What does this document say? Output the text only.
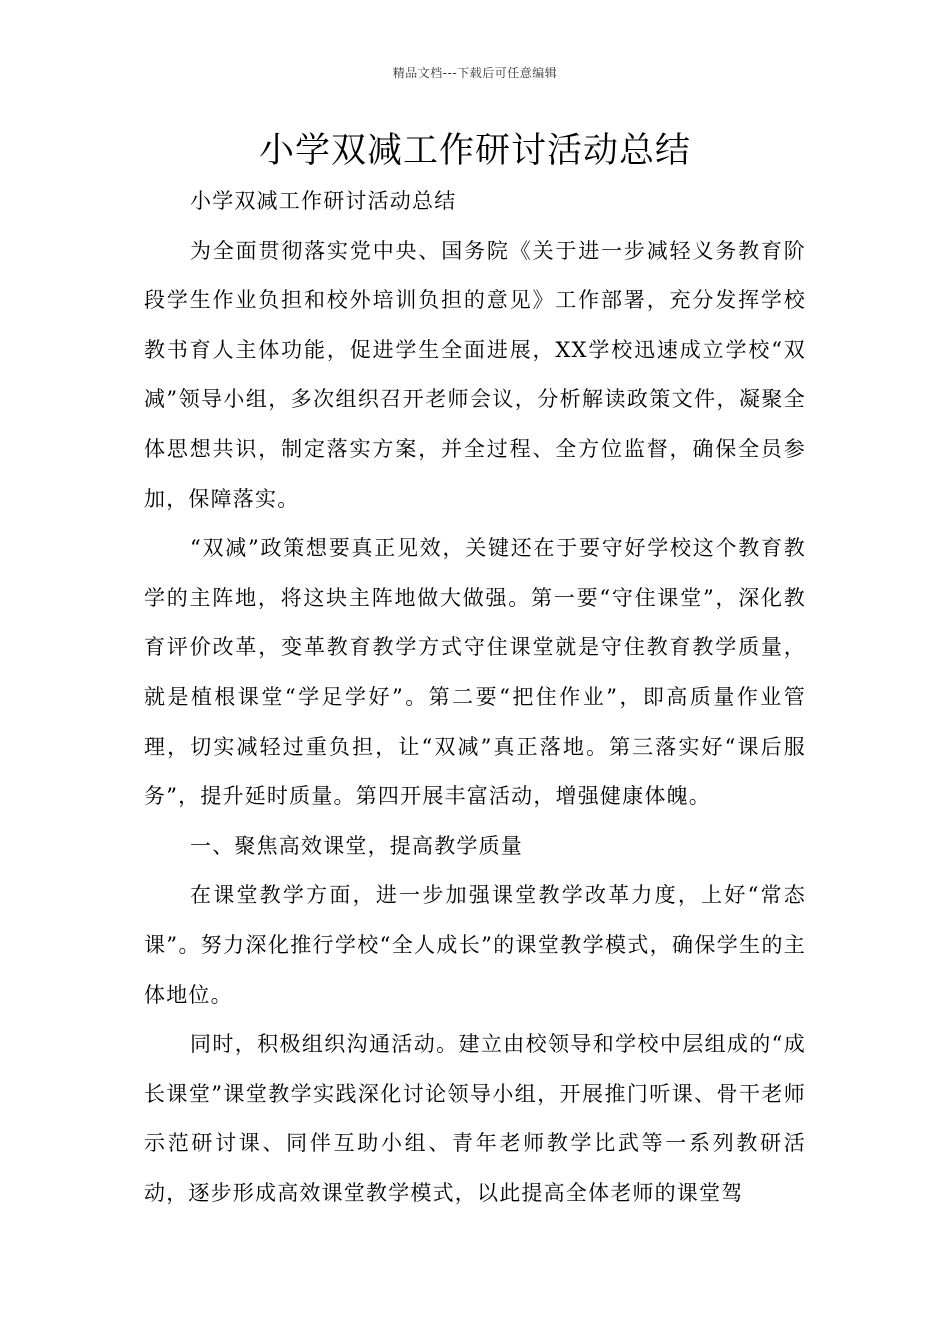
精品文档---下载后可任意编辑
小学双减工作研讨活动总结

小学双减工作研讨活动总结

为全面贯彻落实党中央、国务院《关于进一步减轻义务教育阶段学生作业负担和校外培训负担的意见》工作部署，充分发挥学校教书育人主体功能，促进学生全面进展，XX学校迅速成立学校“双减”领导小组，多次组织召开老师会议，分析解读政策文件，凝聚全体思想共识，制定落实方案，并全过程、全方位监督，确保全员参加，保障落实。

“双减”政策想要真正见效，关键还在于要守好学校这个教育教学的主阵地，将这块主阵地做大做强。第一要“守住课堂”，深化教育评价改革，变革教育教学方式守住课堂就是守住教育教学质量，就是植根课堂“学足学好”。第二要“把住作业”，即高质量作业管理，切实减轻过重负担，让“双减”真正落地。第三落实好“课后服务”，提升延时质量。第四开展丰富活动，增强健康体魄。

一、聚焦高效课堂，提高教学质量

在课堂教学方面，进一步加强课堂教学改革力度，上好“常态课”。努力深化推行学校“全人成长”的课堂教学模式，确保学生的主体地位。

同时，积极组织沟通活动。建立由校领导和学校中层组成的“成长课堂”课堂教学实践深化讨论领导小组，开展推门听课、骨干老师示范研讨课、同伴互助小组、青年老师教学比武等一系列教研活动，逐步形成高效课堂教学模式，以此提高全体老师的课堂驾
